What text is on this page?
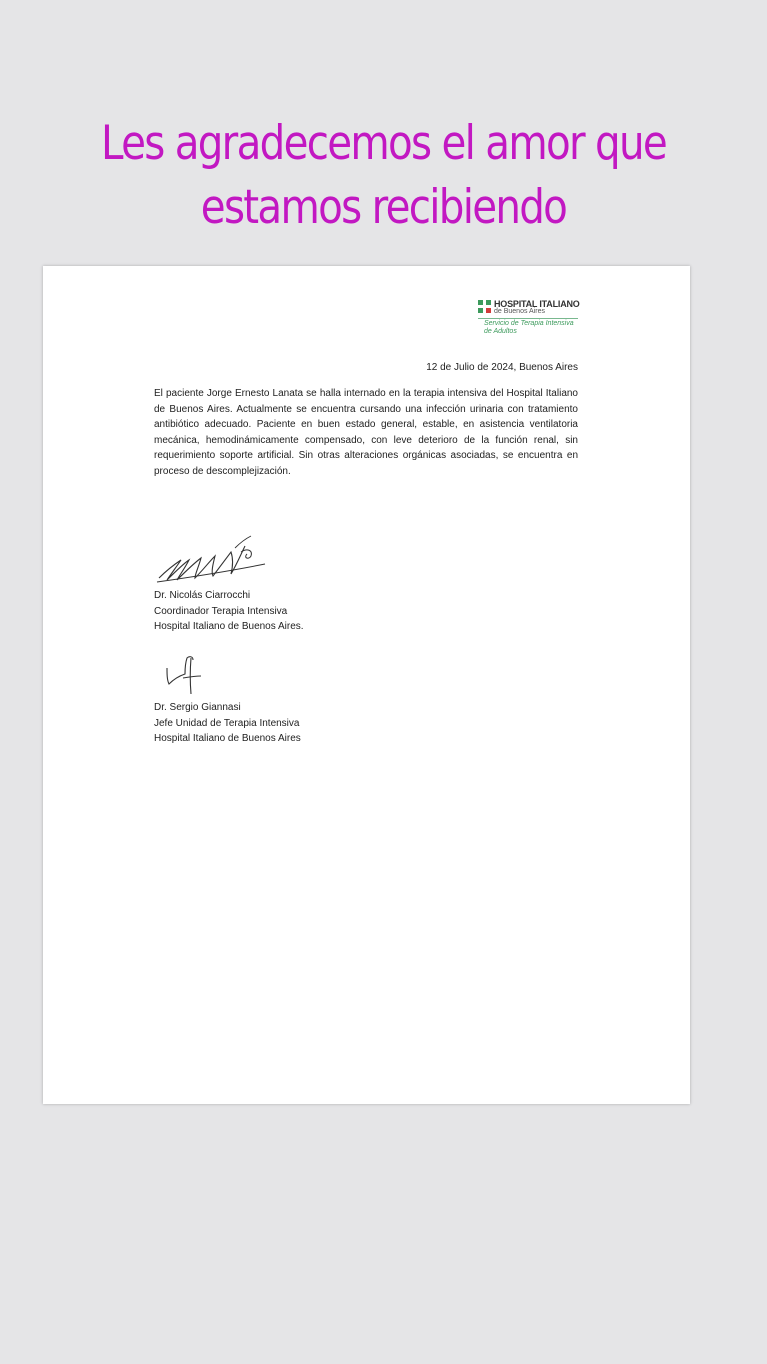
Les agradecemos el amor que
estamos recibiendo
HOSPITAL ITALIANO
de Buenos Aires
Servicio de Terapia Intensiva
de Adultos
12 de Julio de 2024, Buenos Aires
El paciente Jorge Ernesto Lanata se halla internado en la terapia intensiva del Hospital Italiano de Buenos Aires. Actualmente se encuentra cursando una infección urinaria con tratamiento antibiótico adecuado. Paciente en buen estado general, estable, en asistencia ventilatoria mecánica, hemodinámicamente compensado, con leve deterioro de la función renal, sin requerimiento soporte artificial. Sin otras alteraciones orgánicas asociadas, se encuentra en proceso de descomplejización.
Dr. Nicolás Ciarrocchi
Coordinador Terapia Intensiva
Hospital Italiano de Buenos Aires.
Dr. Sergio Giannasi
Jefe Unidad de Terapia Intensiva
Hospital Italiano de Buenos Aires
